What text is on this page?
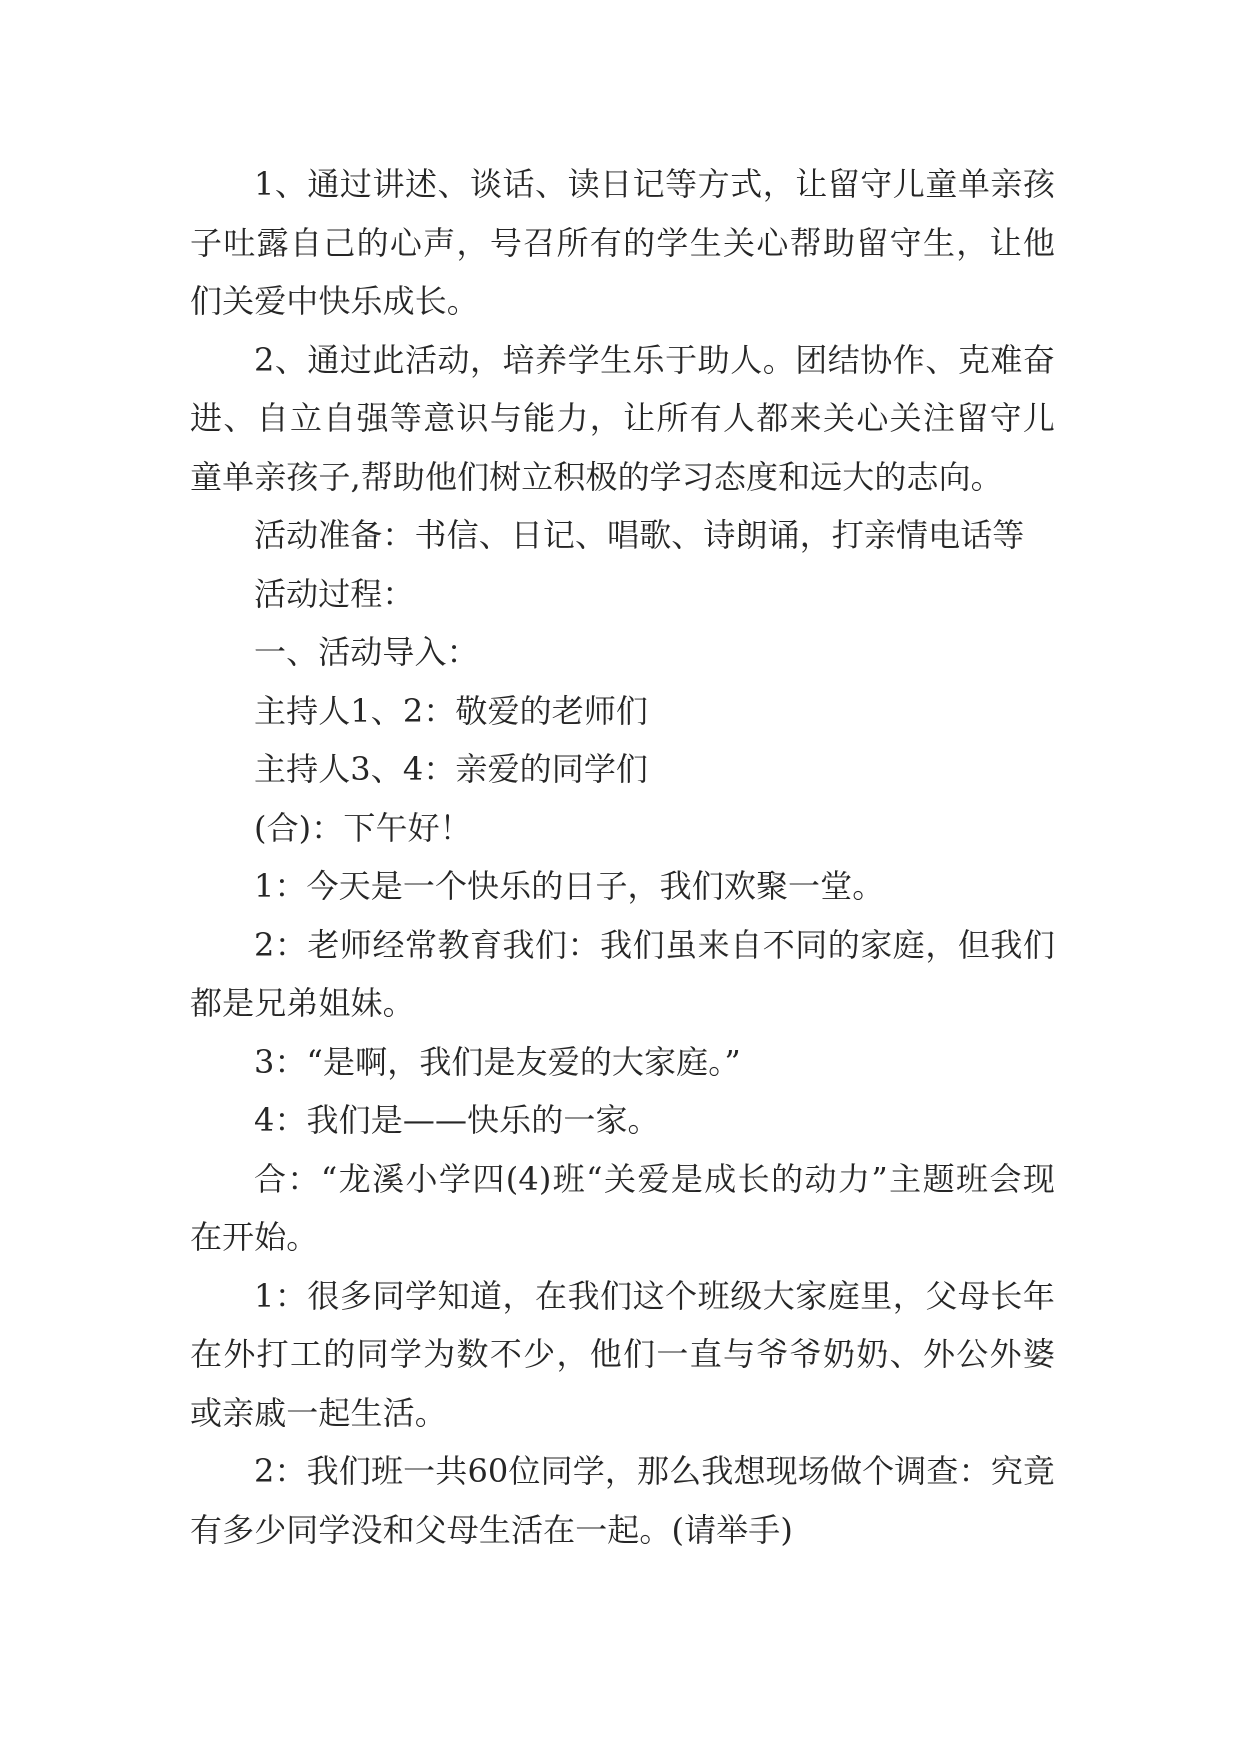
1、通过讲述、谈话、读日记等方式，让留守儿童单亲孩子吐露自己的心声，号召所有的学生关心帮助留守生，让他们关爱中快乐成长。

2、通过此活动，培养学生乐于助人。团结协作、克难奋进、自立自强等意识与能力，让所有人都来关心关注留守儿童单亲孩子,帮助他们树立积极的学习态度和远大的志向。

活动准备：书信、日记、唱歌、诗朗诵，打亲情电话等

活动过程：

一、活动导入：

主持人1、2：敬爱的老师们

主持人3、4：亲爱的同学们

(合)：下午好！

1：今天是一个快乐的日子，我们欢聚一堂。

2：老师经常教育我们：我们虽来自不同的家庭，但我们都是兄弟姐妹。

3：“是啊，我们是友爱的大家庭。”

4：我们是——快乐的一家。

合：“龙溪小学四(4)班“关爱是成长的动力”主题班会现在开始。

1：很多同学知道，在我们这个班级大家庭里，父母长年在外打工的同学为数不少，他们一直与爷爷奶奶、外公外婆或亲戚一起生活。

2：我们班一共60位同学，那么我想现场做个调查：究竟有多少同学没和父母生活在一起。(请举手)
